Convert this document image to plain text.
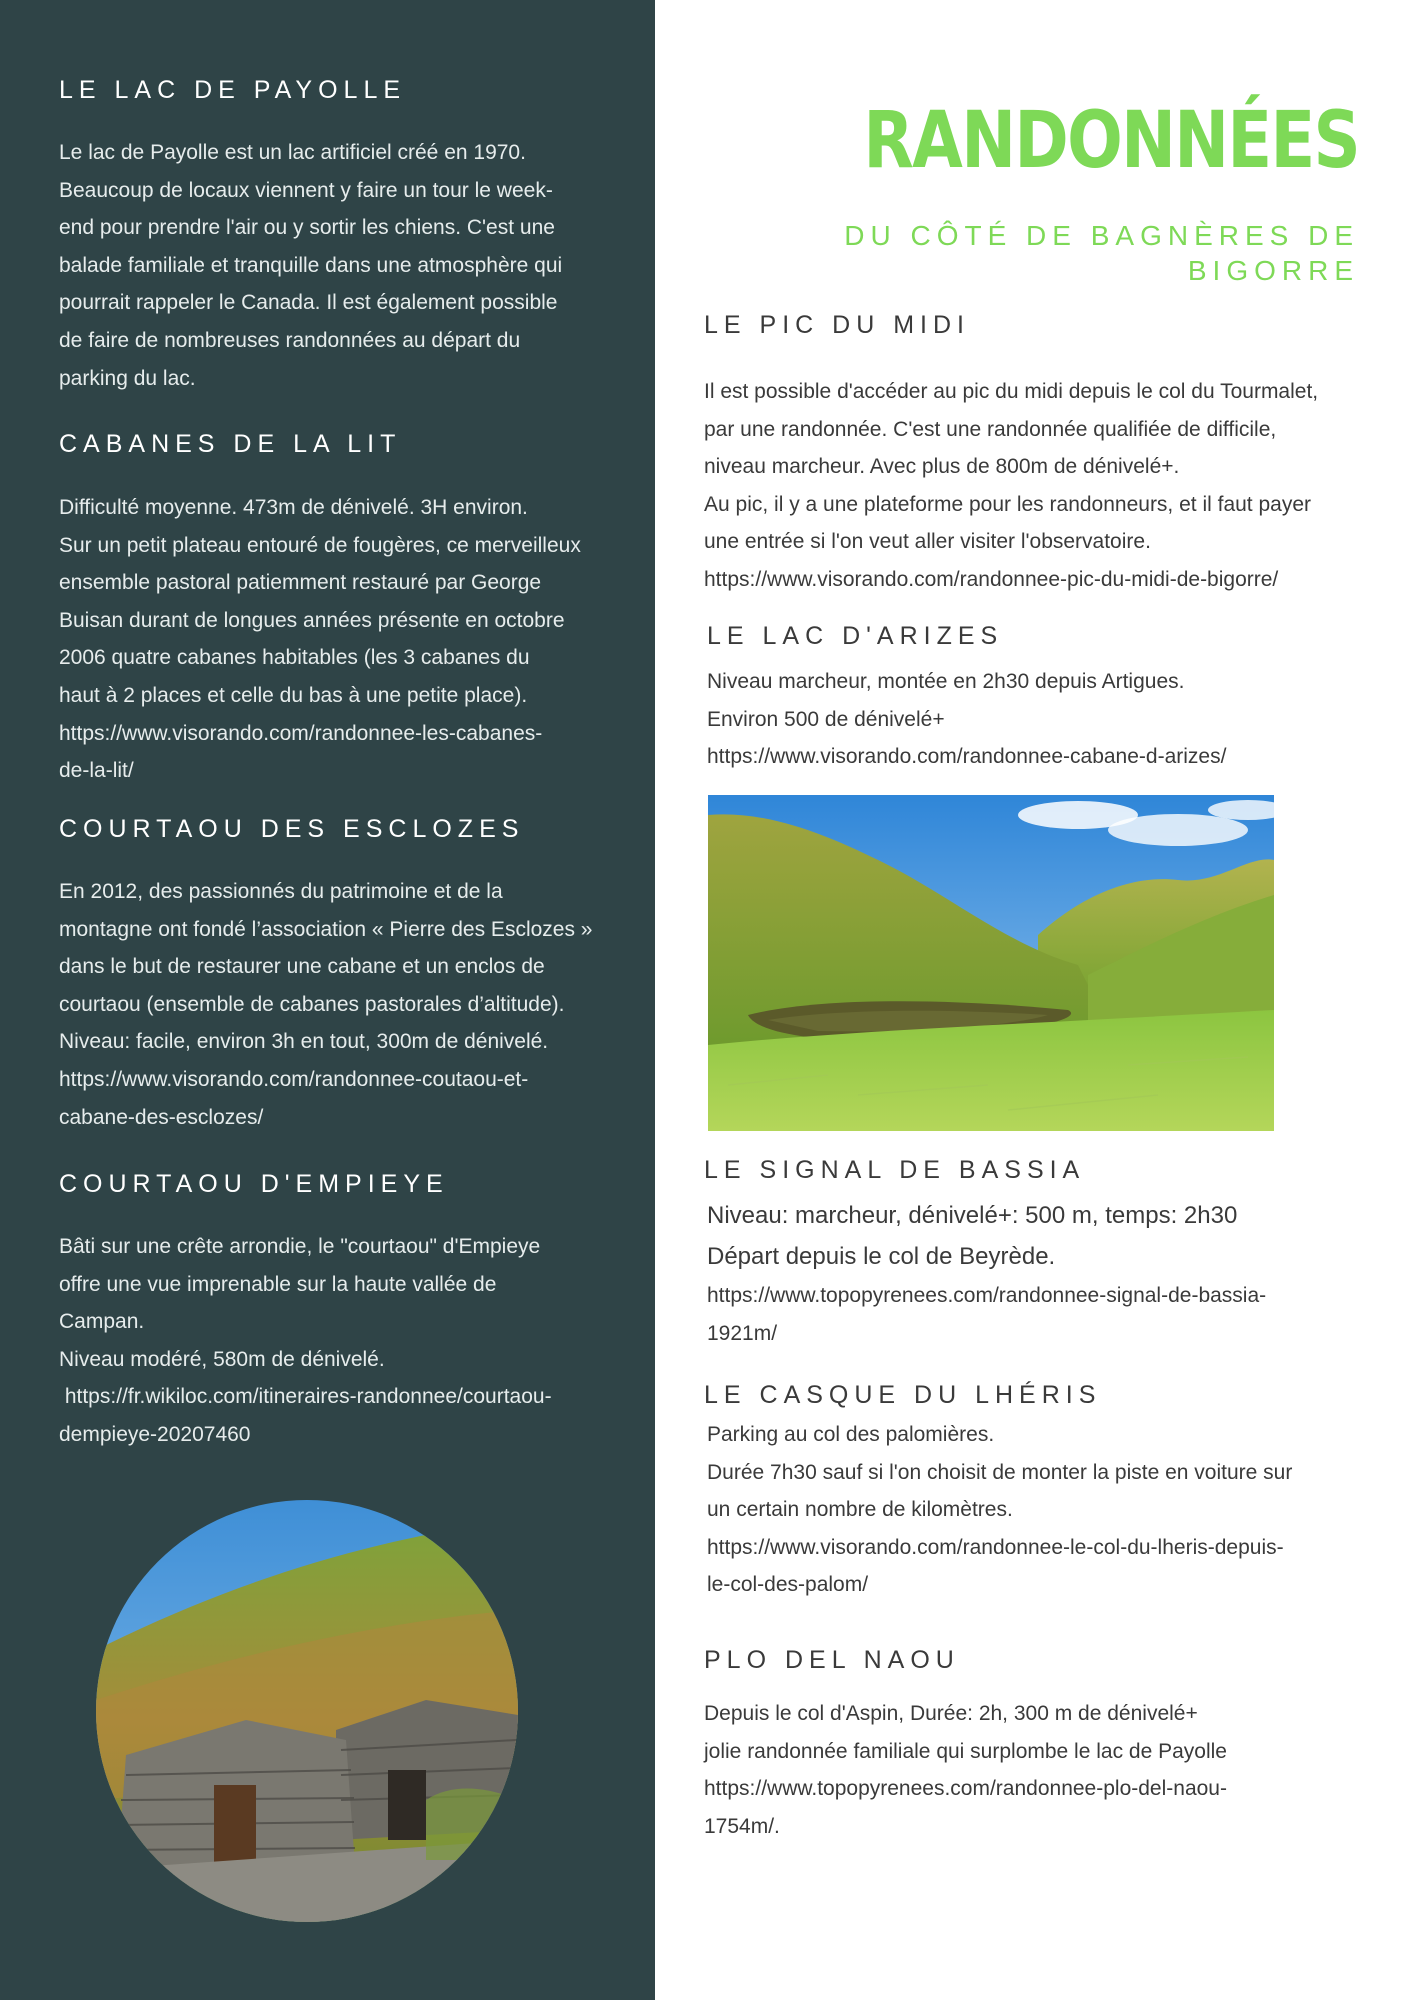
LE LAC DE PAYOLLE
Le lac de Payolle est un lac artificiel créé en 1970.
Beaucoup de locaux viennent y faire un tour le week-
end pour prendre l'air ou y sortir les chiens. C'est une
balade familiale et tranquille dans une atmosphère qui
pourrait rappeler le Canada. Il est également possible
de faire de nombreuses randonnées au départ du
parking du lac.
CABANES DE LA LIT
Difficulté moyenne. 473m de dénivelé. 3H environ.
Sur un petit plateau entouré de fougères, ce merveilleux
ensemble pastoral patiemment restauré par George
Buisan durant de longues années présente en octobre
2006 quatre cabanes habitables (les 3 cabanes du
haut à 2 places et celle du bas à une petite place).
https://www.visorando.com/randonnee-les-cabanes-
de-la-lit/
COURTAOU DES ESCLOZES
En 2012, des passionnés du patrimoine et de la
montagne ont fondé l’association « Pierre des Esclozes »
dans le but de restaurer une cabane et un enclos de
courtaou (ensemble de cabanes pastorales d’altitude).
Niveau: facile, environ 3h en tout, 300m de dénivelé.
https://www.visorando.com/randonnee-coutaou-et-
cabane-des-esclozes/
COURTAOU D'EMPIEYE
Bâti sur une crête arrondie, le "courtaou" d'Empieye
offre une vue imprenable sur la haute vallée de
Campan.
Niveau modéré, 580m de dénivelé.
https://fr.wikiloc.com/itineraires-randonnee/courtaou-
dempieye-20207460
RANDONNÉES
DU CÔTÉ DE BAGNÈRES DE
BIGORRE
LE PIC DU MIDI
Il est possible d'accéder au pic du midi depuis le col du Tourmalet,
par une randonnée. C'est une randonnée qualifiée de difficile,
niveau marcheur. Avec plus de 800m de dénivelé+.
Au pic, il y a une plateforme pour les randonneurs, et il faut payer
une entrée si l'on veut aller visiter l'observatoire.
https://www.visorando.com/randonnee-pic-du-midi-de-bigorre/
LE LAC D'ARIZES
Niveau marcheur, montée en 2h30 depuis Artigues.
Environ 500 de dénivelé+
https://www.visorando.com/randonnee-cabane-d-arizes/
LE SIGNAL DE BASSIA
Niveau: marcheur, dénivelé+: 500 m, temps: 2h30
Départ depuis le col de Beyrède.
https://www.topopyrenees.com/randonnee-signal-de-bassia-
1921m/
LE CASQUE DU LHÉRIS
Parking au col des palomières.
Durée 7h30 sauf si l'on choisit de monter la piste en voiture sur
un certain nombre de kilomètres.
https://www.visorando.com/randonnee-le-col-du-lheris-depuis-
le-col-des-palom/
PLO DEL NAOU
Depuis le col d'Aspin, Durée: 2h, 300 m de dénivelé+
jolie randonnée familiale qui surplombe le lac de Payolle
https://www.topopyrenees.com/randonnee-plo-del-naou-
1754m/.
